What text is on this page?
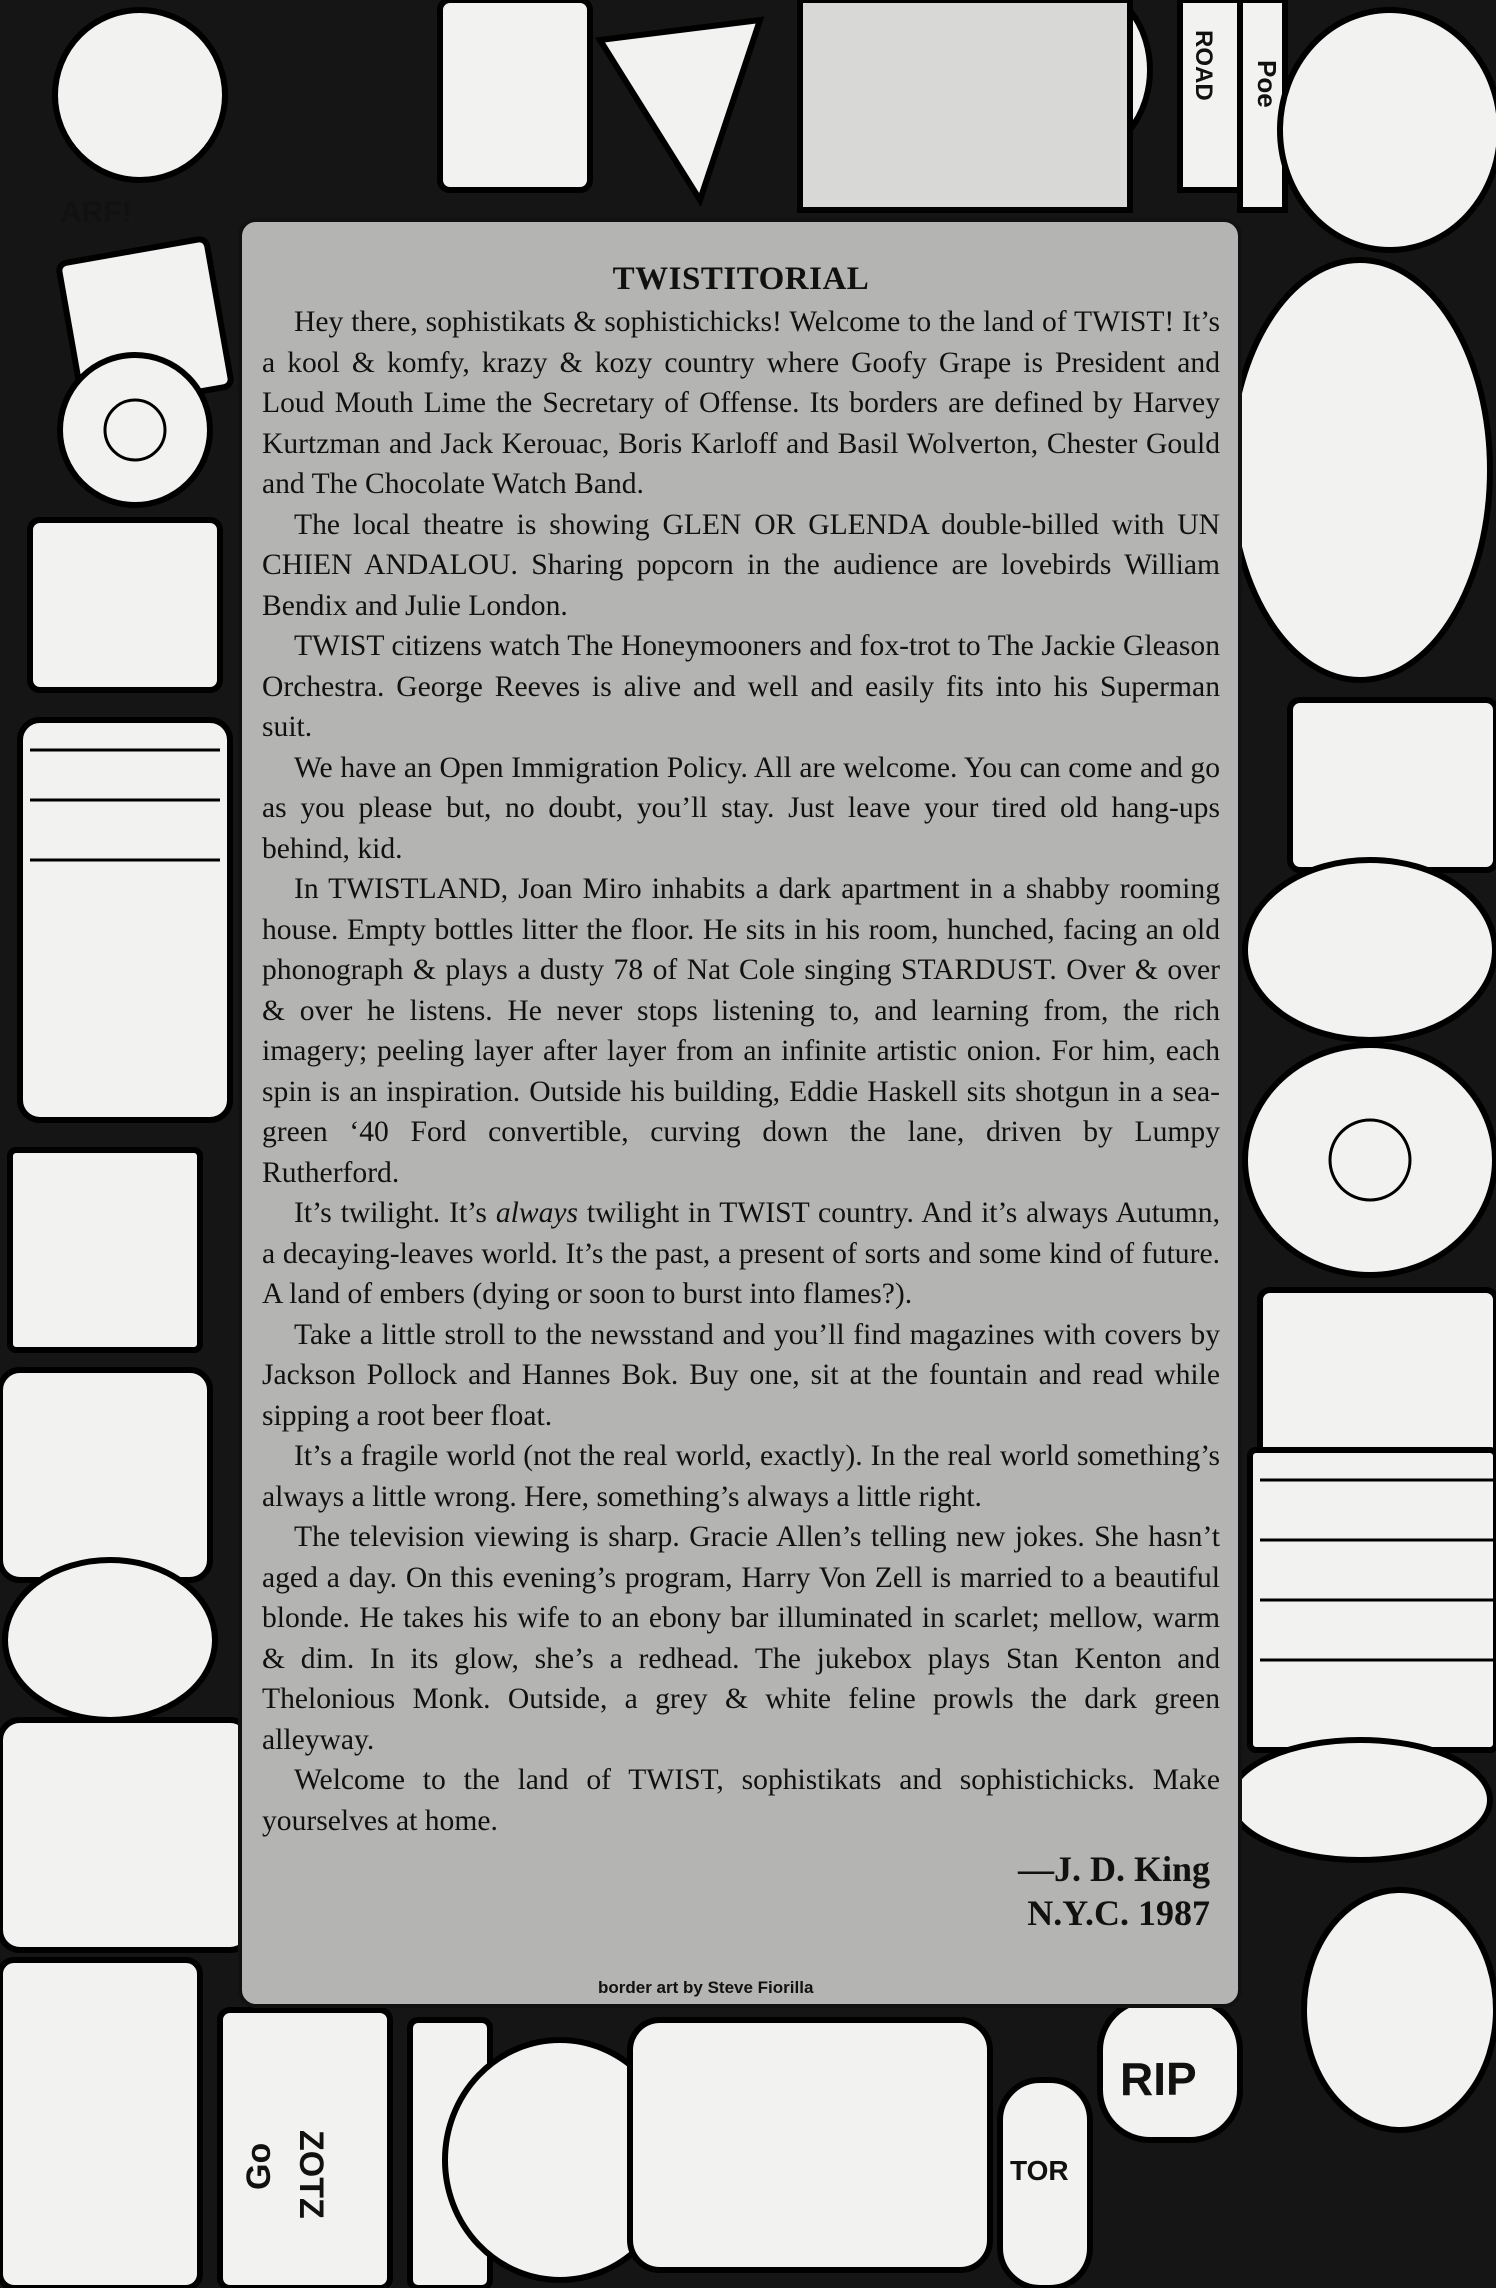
ARF!
Poe
ROAD
RIP
TOR
Go ZOTZ
TWISTITORIAL

Hey there, sophistikats & sophistichicks! Welcome to the land of TWIST! It’s a kool & komfy, krazy & kozy country where Goofy Grape is President and Loud Mouth Lime the Secretary of Offense. Its borders are defined by Harvey Kurtzman and Jack Kerouac, Boris Karloff and Basil Wolverton, Chester Gould and The Chocolate Watch Band.

The local theatre is showing GLEN OR GLENDA double-billed with UN CHIEN ANDALOU. Sharing popcorn in the audience are lovebirds William Bendix and Julie London.

TWIST citizens watch The Honeymooners and fox-trot to The Jackie Gleason Orchestra. George Reeves is alive and well and easily fits into his Superman suit.

We have an Open Immigration Policy. All are welcome. You can come and go as you please but, no doubt, you’ll stay. Just leave your tired old hang-ups behind, kid.

In TWISTLAND, Joan Miro inhabits a dark apartment in a shabby rooming house. Empty bottles litter the floor. He sits in his room, hunched, facing an old phonograph & plays a dusty 78 of Nat Cole singing STARDUST. Over & over & over he listens. He never stops listening to, and learning from, the rich imagery; peeling layer after layer from an infinite artistic onion. For him, each spin is an inspiration. Outside his building, Eddie Haskell sits shotgun in a sea-green ‘40 Ford convertible, curving down the lane, driven by Lumpy Rutherford.

It’s twilight. It’s always twilight in TWIST country. And it’s always Autumn, a decaying-leaves world. It’s the past, a present of sorts and some kind of future. A land of embers (dying or soon to burst into flames?).

Take a little stroll to the newsstand and you’ll find magazines with covers by Jackson Pollock and Hannes Bok. Buy one, sit at the fountain and read while sipping a root beer float.

It’s a fragile world (not the real world, exactly). In the real world something’s always a little wrong. Here, something’s always a little right.

The television viewing is sharp. Gracie Allen’s telling new jokes. She hasn’t aged a day. On this evening’s program, Harry Von Zell is married to a beautiful blonde. He takes his wife to an ebony bar illuminated in scarlet; mellow, warm & dim. In its glow, she’s a redhead. The jukebox plays Stan Kenton and Thelonious Monk. Outside, a grey & white feline prowls the dark green alleyway.

Welcome to the land of TWIST, sophistikats and sophistichicks. Make yourselves at home.

—J. D. King
N.Y.C. 1987
border art by Steve Fiorilla
